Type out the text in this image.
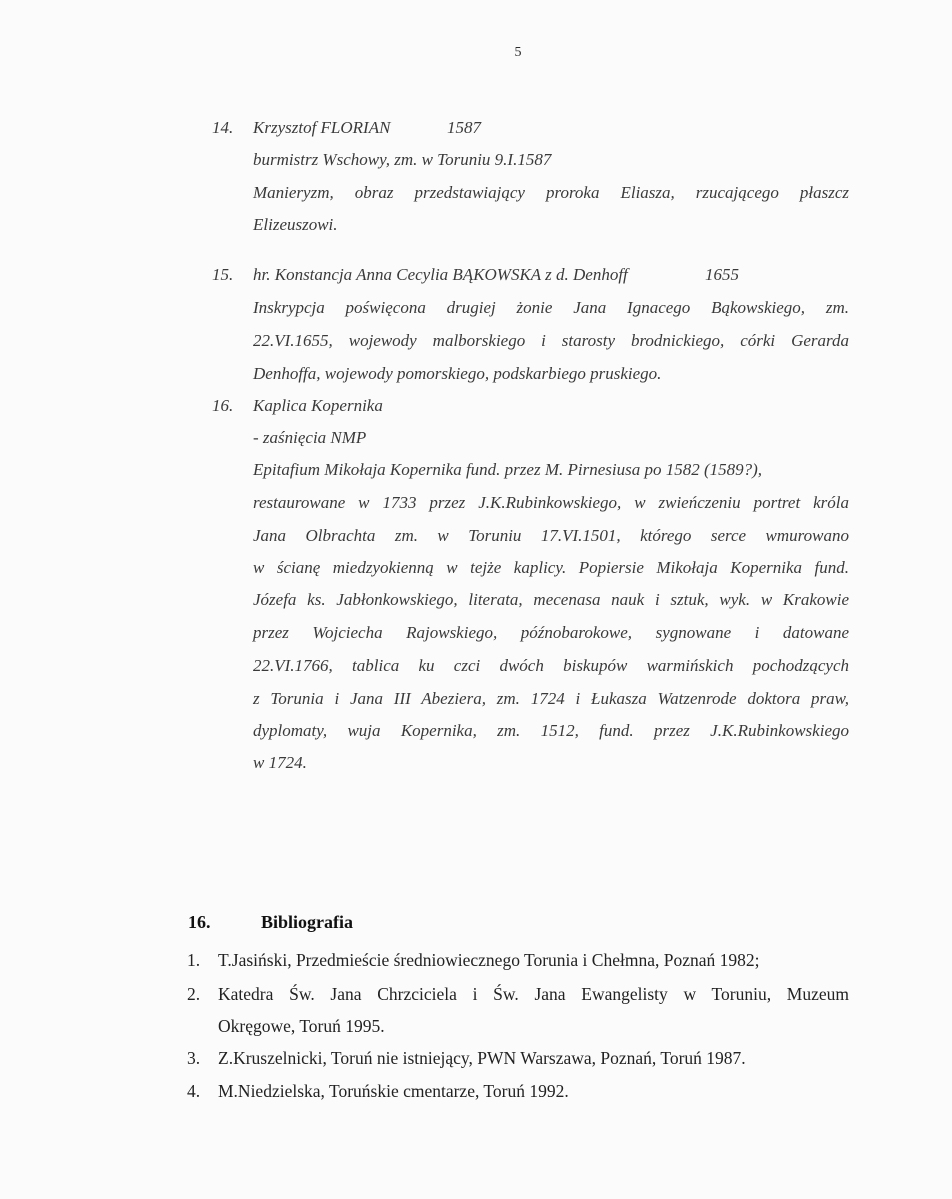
5
14. Krzysztof FLORIAN	1587
burmistrz Wschowy, zm. w Toruniu 9.I.1587
Manieryzm, obraz przedstawiający proroka Eliasza, rzucającego płaszcz
Elizeuszowi.
15. hr. Konstancja Anna Cecylia BĄKOWSKA z d. Denhoff	1655
Inskrypcja poświęcona drugiej żonie Jana Ignacego Bąkowskiego, zm.
22.VI.1655, wojewody malborskiego i starosty brodnickiego, córki Gerarda
Denhoffa, wojewody pomorskiego, podskarbiego pruskiego.
16. Kaplica Kopernika
- zaśnięcia NMP
Epitafium Mikołaja Kopernika fund. przez M. Pirnesiusa po 1582 (1589?),
restaurowane w 1733 przez J.K.Rubinkowskiego, w zwieńczeniu portret króla
Jana Olbrachta zm. w Toruniu 17.VI.1501, którego serce wmurowano
w ścianę miedzyokienną w tejże kaplicy. Popiersie Mikołaja Kopernika fund.
Józefa ks. Jabłonkowskiego, literata, mecenasa nauk i sztuk, wyk. w Krakowie
przez Wojciecha Rajowskiego, późnobarokowe, sygnowane i datowane
22.VI.1766, tablica ku czci dwóch biskupów warmińskich pochodzących
z Torunia i Jana III Abeziera, zm. 1724 i Łukasza Watzenrode doktora praw,
dyplomaty, wuja Kopernika, zm. 1512, fund. przez J.K.Rubinkowskiego
w 1724.
16.	Bibliografia
1. T.Jasiński, Przedmieście średniowiecznego Torunia i Chełmna, Poznań 1982;
2. Katedra Św. Jana Chrzciciela i Św. Jana Ewangelisty w Toruniu, Muzeum
Okręgowe, Toruń 1995.
3. Z.Kruszelnicki, Toruń nie istniejący, PWN Warszawa, Poznań, Toruń 1987.
4. M.Niedzielska, Toruńskie cmentarze, Toruń 1992.
